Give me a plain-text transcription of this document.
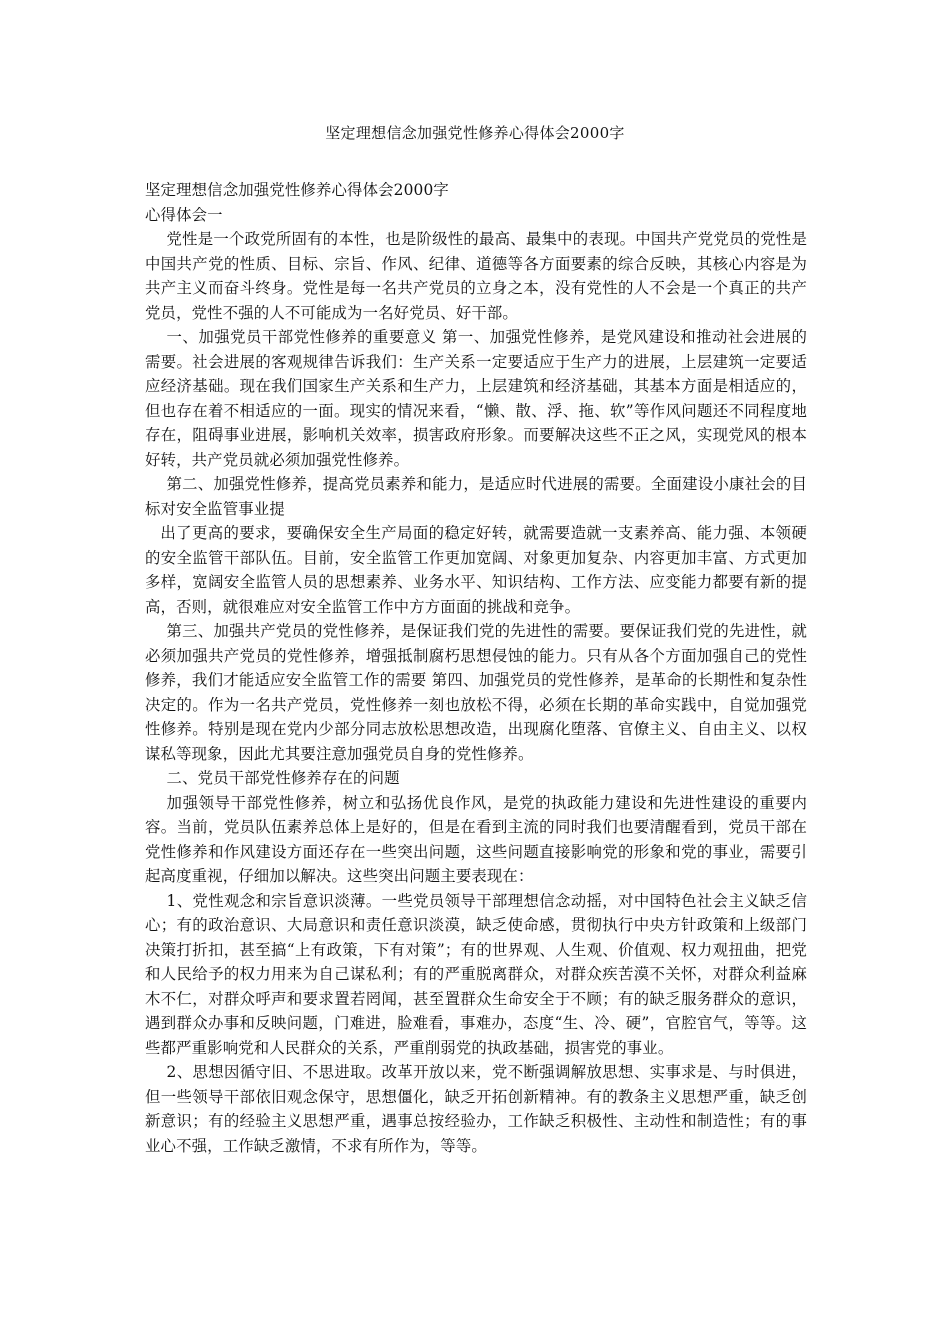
坚定理想信念加强党性修养心得体会2000字

坚定理想信念加强党性修养心得体会2000字

心得体会一

党性是一个政党所固有的本性，也是阶级性的最高、最集中的表现。中国共产党党员的党性是中国共产党的性质、目标、宗旨、作风、纪律、道德等各方面要素的综合反映，其核心内容是为共产主义而奋斗终身。党性是每一名共产党员的立身之本，没有党性的人不会是一个真正的共产党员，党性不强的人不可能成为一名好党员、好干部。

一、加强党员干部党性修养的重要意义 第一、加强党性修养，是党风建设和推动社会进展的需要。社会进展的客观规律告诉我们：生产关系一定要适应于生产力的进展，上层建筑一定要适应经济基础。现在我们国家生产关系和生产力，上层建筑和经济基础，其基本方面是相适应的，但也存在着不相适应的一面。现实的情况来看，“懒、散、浮、拖、软”等作风问题还不同程度地存在，阻碍事业进展，影响机关效率，损害政府形象。而要解决这些不正之风，实现党风的根本好转，共产党员就必须加强党性修养。

第二、加强党性修养，提高党员素养和能力，是适应时代进展的需要。全面建设小康社会的目标对安全监管事业提

出了更高的要求，要确保安全生产局面的稳定好转，就需要造就一支素养高、能力强、本领硬的安全监管干部队伍。目前，安全监管工作更加宽阔、对象更加复杂、内容更加丰富、方式更加多样，宽阔安全监管人员的思想素养、业务水平、知识结构、工作方法、应变能力都要有新的提高，否则，就很难应对安全监管工作中方方面面的挑战和竞争。

第三、加强共产党员的党性修养，是保证我们党的先进性的需要。要保证我们党的先进性，就必须加强共产党员的党性修养，增强抵制腐朽思想侵蚀的能力。只有从各个方面加强自己的党性修养，我们才能适应安全监管工作的需要 第四、加强党员的党性修养，是革命的长期性和复杂性决定的。作为一名共产党员，党性修养一刻也放松不得，必须在长期的革命实践中，自觉加强党性修养。特别是现在党内少部分同志放松思想改造，出现腐化堕落、官僚主义、自由主义、以权谋私等现象，因此尤其要注意加强党员自身的党性修养。

二、党员干部党性修养存在的问题

加强领导干部党性修养，树立和弘扬优良作风，是党的执政能力建设和先进性建设的重要内容。当前，党员队伍素养总体上是好的，但是在看到主流的同时我们也要清醒看到，党员干部在党性修养和作风建设方面还存在一些突出问题，这些问题直接影响党的形象和党的事业，需要引起高度重视，仔细加以解决。这些突出问题主要表现在：

1、党性观念和宗旨意识淡薄。一些党员领导干部理想信念动摇，对中国特色社会主义缺乏信心；有的政治意识、大局意识和责任意识淡漠，缺乏使命感，贯彻执行中央方针政策和上级部门决策打折扣，甚至搞“上有政策，下有对策”；有的世界观、人生观、价值观、权力观扭曲，把党和人民给予的权力用来为自己谋私利；有的严重脱离群众，对群众疾苦漠不关怀，对群众利益麻木不仁，对群众呼声和要求置若罔闻，甚至置群众生命安全于不顾；有的缺乏服务群众的意识，遇到群众办事和反映问题，门难进，脸难看，事难办，态度“生、冷、硬”，官腔官气，等等。这些都严重影响党和人民群众的关系，严重削弱党的执政基础，损害党的事业。

2、思想因循守旧、不思进取。改革开放以来，党不断强调解放思想、实事求是、与时俱进，但一些领导干部依旧观念保守，思想僵化，缺乏开拓创新精神。有的教条主义思想严重，缺乏创新意识；有的经验主义思想严重，遇事总按经验办，工作缺乏积极性、主动性和制造性；有的事业心不强，工作缺乏激情，不求有所作为，等等。
